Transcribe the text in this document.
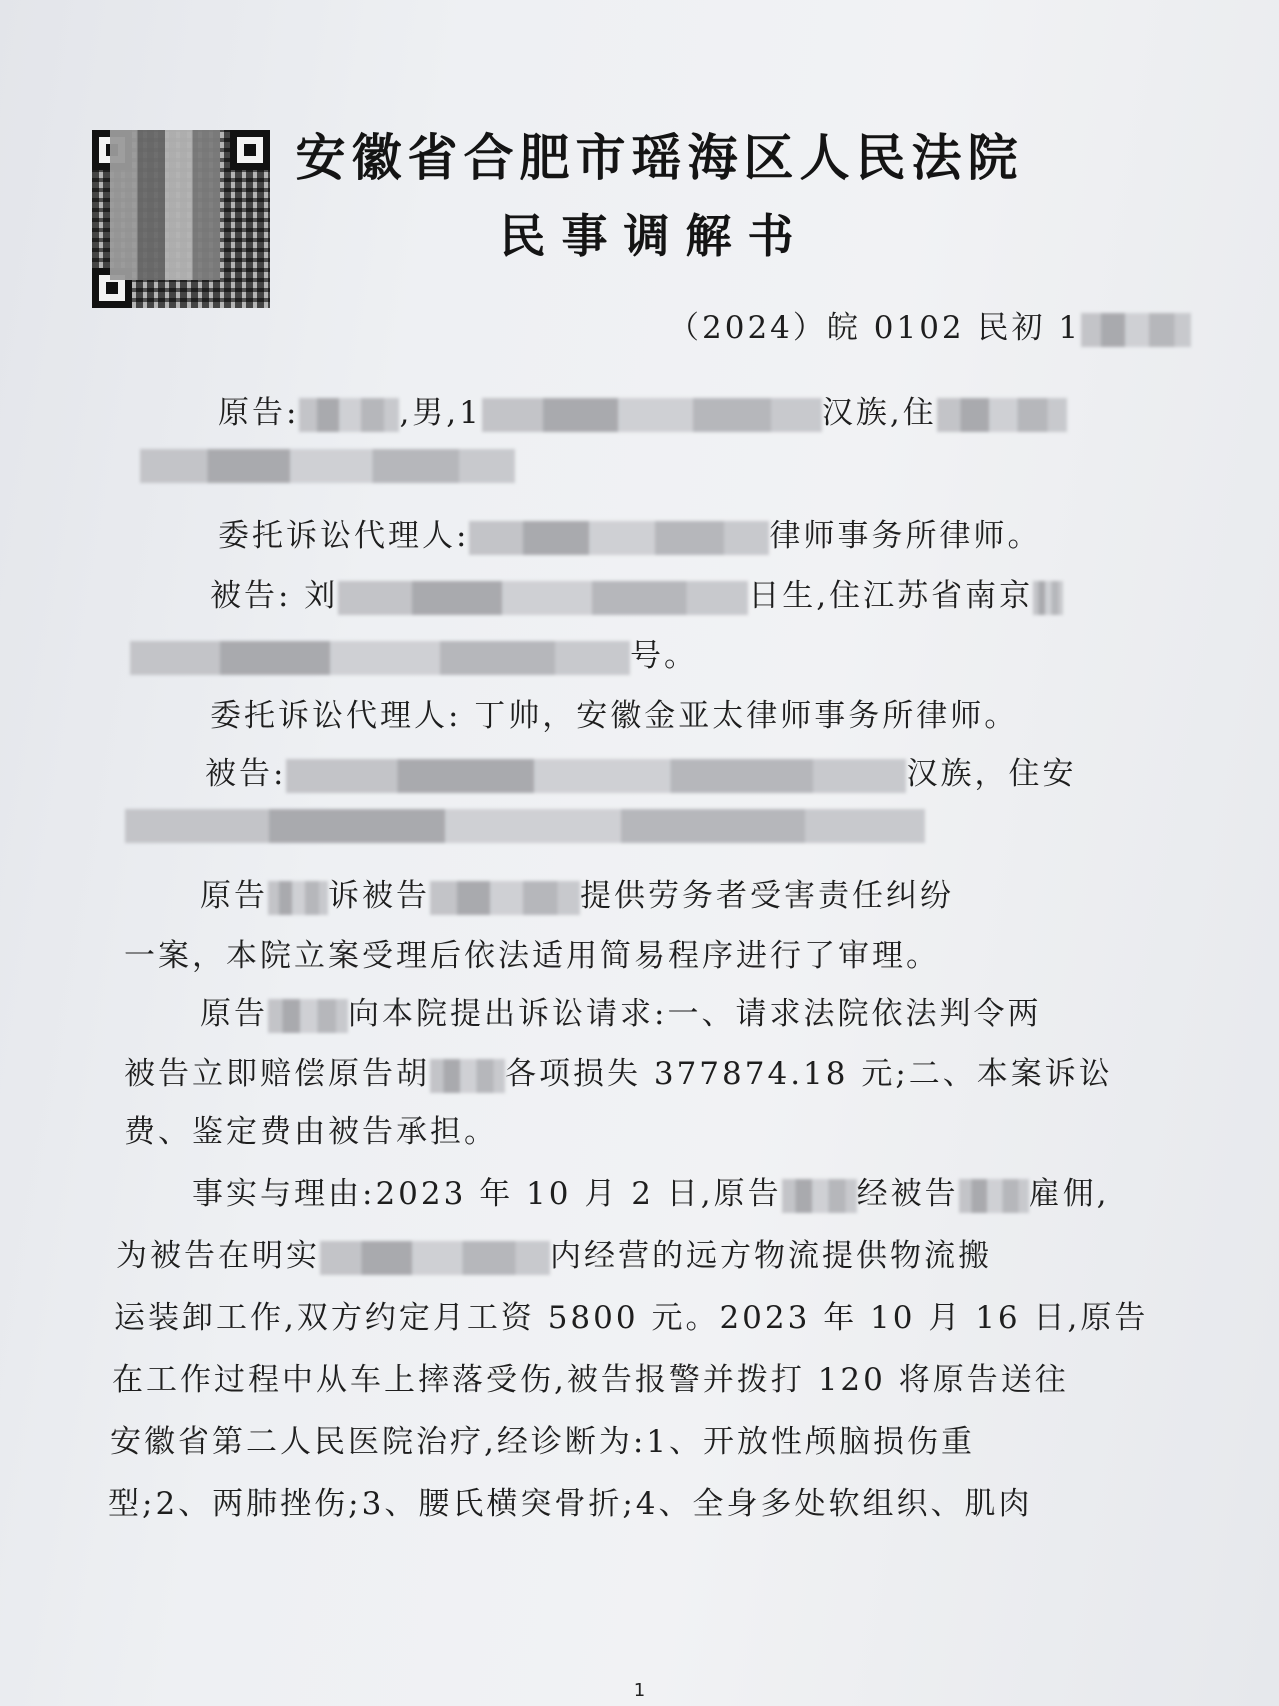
安徽省合肥市瑶海区人民法院
民事调解书
（2024）皖 0102 民初 1
原告:	,男,1	汉族,住
委托诉讼代理人:	律师事务所律师。
被告: 刘	日生,住江苏省南京
号。
委托诉讼代理人: 丁帅，安徽金亚太律师事务所律师。
被告:	汉族，住安
原告 诉被告	提供劳务者受害责任纠纷
一案，本院立案受理后依法适用简易程序进行了审理。
原告	向本院提出诉讼请求:一、请求法院依法判令两
被告立即赔偿原告胡 各项损失 377874.18 元;二、本案诉讼
费、鉴定费由被告承担。
事实与理由:2023 年 10 月 2 日,原告 经被告 雇佣,
为被告在明实	内经营的远方物流提供物流搬
运装卸工作,双方约定月工资 5800 元。2023 年 10 月 16 日,原告
在工作过程中从车上摔落受伤,被告报警并拨打 120 将原告送往
安徽省第二人民医院治疗,经诊断为:1、开放性颅脑损伤重
型;2、两肺挫伤;3、腰氏横突骨折;4、全身多处软组织、肌肉
1
